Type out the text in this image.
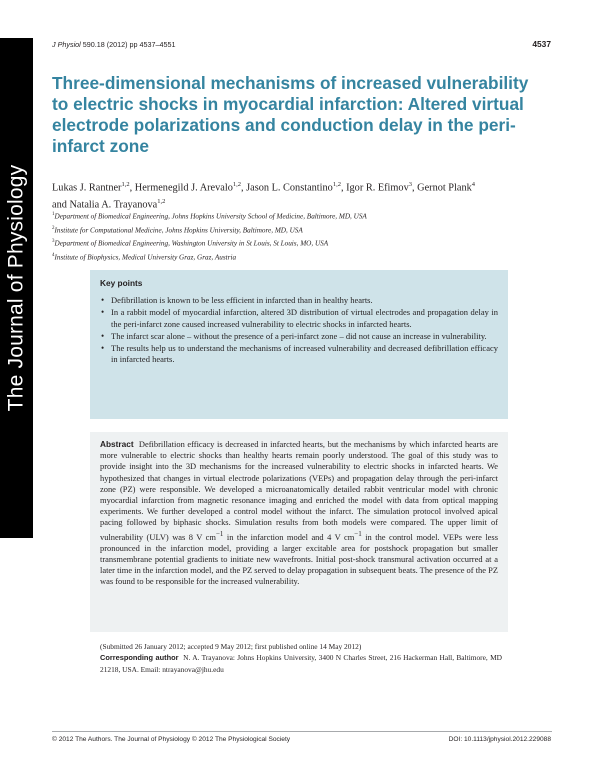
The Journal of Physiology
J Physiol 590.18 (2012) pp 4537–4551	4537
Three-dimensional mechanisms of increased vulnerability to electric shocks in myocardial infarction: Altered virtual electrode polarizations and conduction delay in the peri-infarct zone
Lukas J. Rantner$^{1,2}$, Hermenegild J. Arevalo$^{1,2}$, Jason L. Constantino$^{1,2}$, Igor R. Efimov$^3$, Gernot Plank$^4$
and Natalia A. Trayanova$^{1,2}$
$^1$Department of Biomedical Engineering, Johns Hopkins University School of Medicine, Baltimore, MD, USA
$^2$Institute for Computational Medicine, Johns Hopkins University, Baltimore, MD, USA
$^3$Department of Biomedical Engineering, Washington University in St Louis, St Louis, MO, USA
$^4$Institute of Biophysics, Medical University Graz, Graz, Austria
Key points
• Defibrillation is known to be less efficient in infarcted than in healthy hearts.
• In a rabbit model of myocardial infarction, altered 3D distribution of virtual electrodes and propagation delay in the peri-infarct zone caused increased vulnerability to electric shocks in infarcted hearts.
• The infarct scar alone – without the presence of a peri-infarct zone – did not cause an increase in vulnerability.
• The results help us to understand the mechanisms of increased vulnerability and decreased defibrillation efficacy in infarcted hearts.
Abstract Defibrillation efficacy is decreased in infarcted hearts, but the mechanisms by which infarcted hearts are more vulnerable to electric shocks than healthy hearts remain poorly understood. The goal of this study was to provide insight into the 3D mechanisms for the increased vulnerability to electric shocks in infarcted hearts. We hypothesized that changes in virtual electrode polarizations (VEPs) and propagation delay through the peri-infarct zone (PZ) were responsible. We developed a microanatomically detailed rabbit ventricular model with chronic myocardial infarction from magnetic resonance imaging and enriched the model with data from optical mapping experiments. We further developed a control model without the infarct. The simulation protocol involved apical pacing followed by biphasic shocks. Simulation results from both models were compared. The upper limit of vulnerability (ULV) was 8 V $cm^{-1}$ in the infarction model and 4 V $cm^{-1}$ in the control model. VEPs were less pronounced in the infarction model, providing a larger excitable area for postshock propagation but smaller transmembrane potential gradients to initiate new wavefronts. Initial post-shock transmural activation occurred at a later time in the infarction model, and the PZ served to delay propagation in subsequent beats. The presence of the PZ was found to be responsible for the increased vulnerability.
(Submitted 26 January 2012; accepted 9 May 2012; first published online 14 May 2012)
Corresponding author N. A. Trayanova: Johns Hopkins University, 3400 N Charles Street, 216 Hackerman Hall, Baltimore, MD 21218, USA. Email: ntrayanova@jhu.edu
© 2012 The Authors. The Journal of Physiology © 2012 The Physiological Society	DOI: 10.1113/jphysiol.2012.229088
